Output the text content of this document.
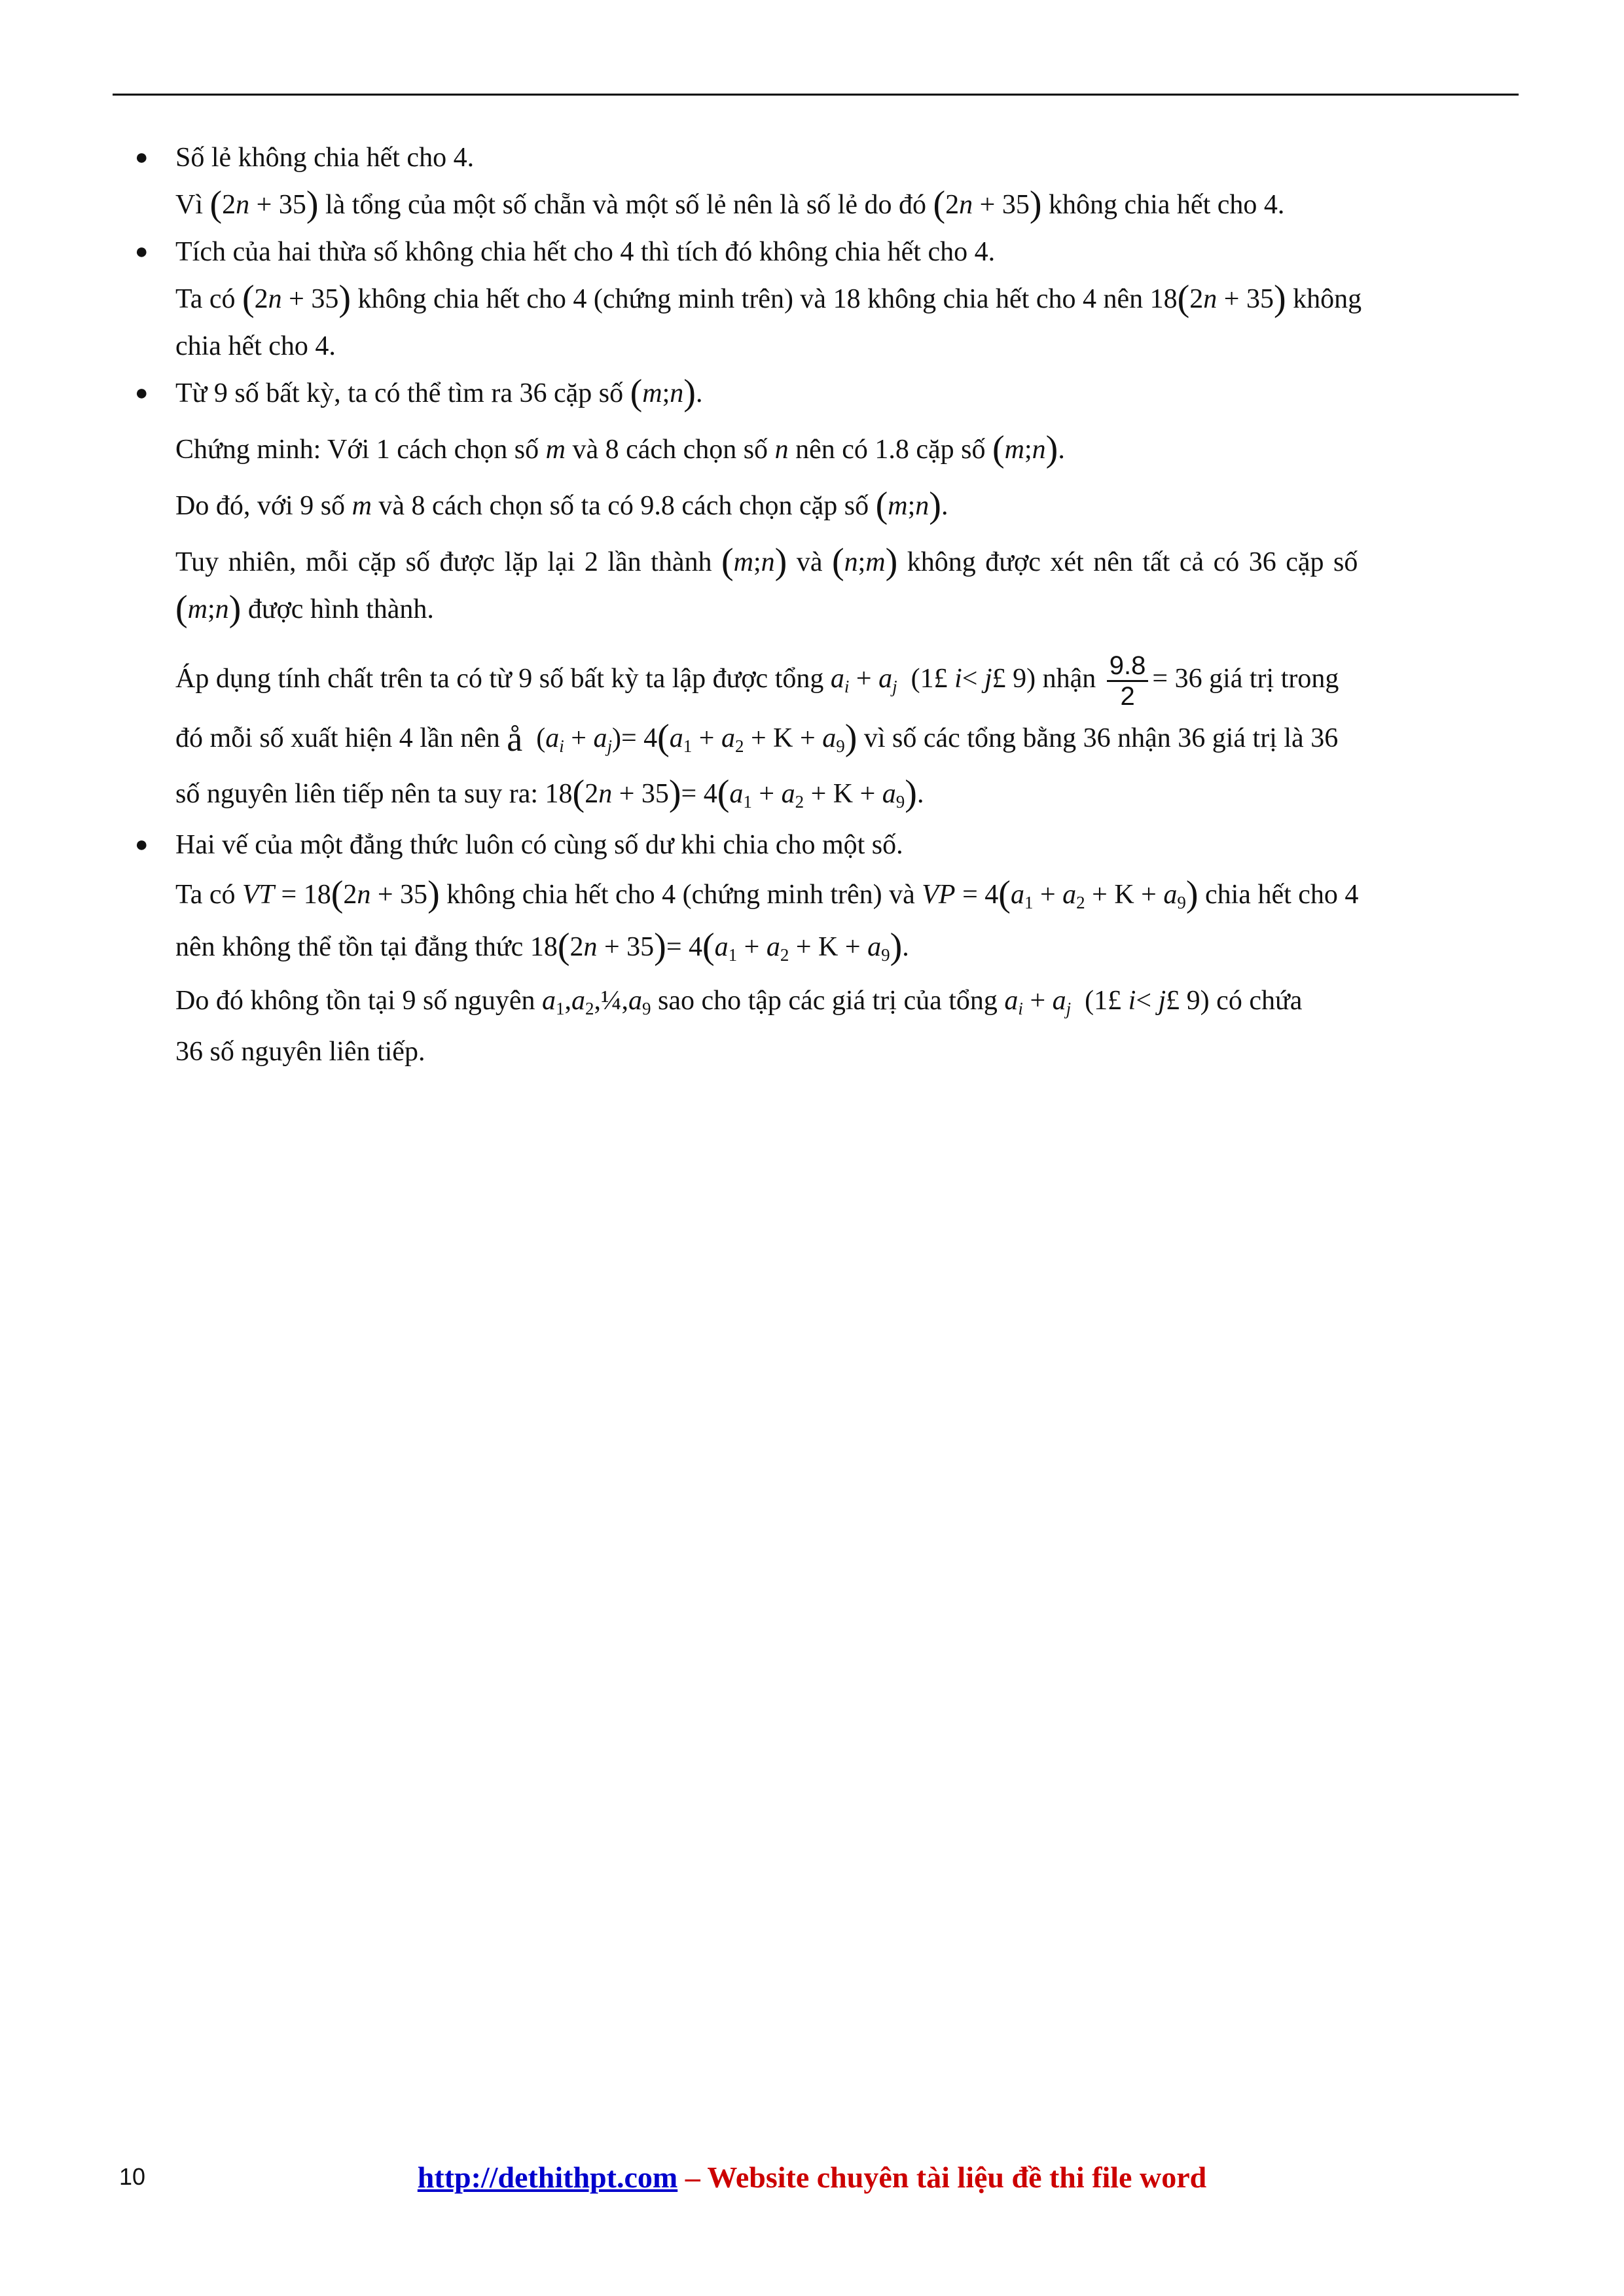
● Số lẻ không chia hết cho 4.
Vì (2n + 35) là tổng của một số chẵn và một số lẻ nên là số lẻ do đó (2n + 35) không chia hết cho 4.
● Tích của hai thừa số không chia hết cho 4 thì tích đó không chia hết cho 4.
Ta có (2n + 35) không chia hết cho 4 (chứng minh trên) và 18 không chia hết cho 4 nên 18(2n + 35) không
chia hết cho 4.
● Từ 9 số bất kỳ, ta có thể tìm ra 36 cặp số (m;n).
Chứng minh: Với 1 cách chọn số m và 8 cách chọn số n nên có 1.8 cặp số (m;n).
Do đó, với 9 số m và 8 cách chọn số ta có 9.8 cách chọn cặp số (m;n).
Tuy nhiên, mỗi cặp số được lặp lại 2 lần thành (m;n) và (n;m) không được xét nên tất cả có 36 cặp số
(m;n) được hình thành.
Áp dụng tính chất trên ta có từ 9 số bất kỳ ta lập được tổng $a_i + a_j$ (1£ i< j£ 9) nhận $\frac{9.8}{2} = 36$ giá trị trong
đó mỗi số xuất hiện 4 lần nên å $(a_i + a_j)= 4(a_1 + a_2 + K + a_9)$ vì số các tổng bằng 36 nhận 36 giá trị là 36
số nguyên liên tiếp nên ta suy ra: $18(2n + 35)= 4(a_1 + a_2 + K + a_9)$.
● Hai vế của một đẳng thức luôn có cùng số dư khi chia cho một số.
Ta có VT = 18(2n + 35) không chia hết cho 4 (chứng minh trên) và VP = $4(a_1 + a_2 + K + a_9)$ chia hết cho 4
nên không thể tồn tại đẳng thức $18(2n + 35)= 4(a_1 + a_2 + K + a_9)$.
Do đó không tồn tại 9 số nguyên $a_1,a_2,\frac{1}{4},a_9$ sao cho tập các giá trị của tổng $a_i + a_j$ (1£ i< j£ 9) có chứa
36 số nguyên liên tiếp.
10	http://dethithpt.com – Website chuyên tài liệu đề thi file word
